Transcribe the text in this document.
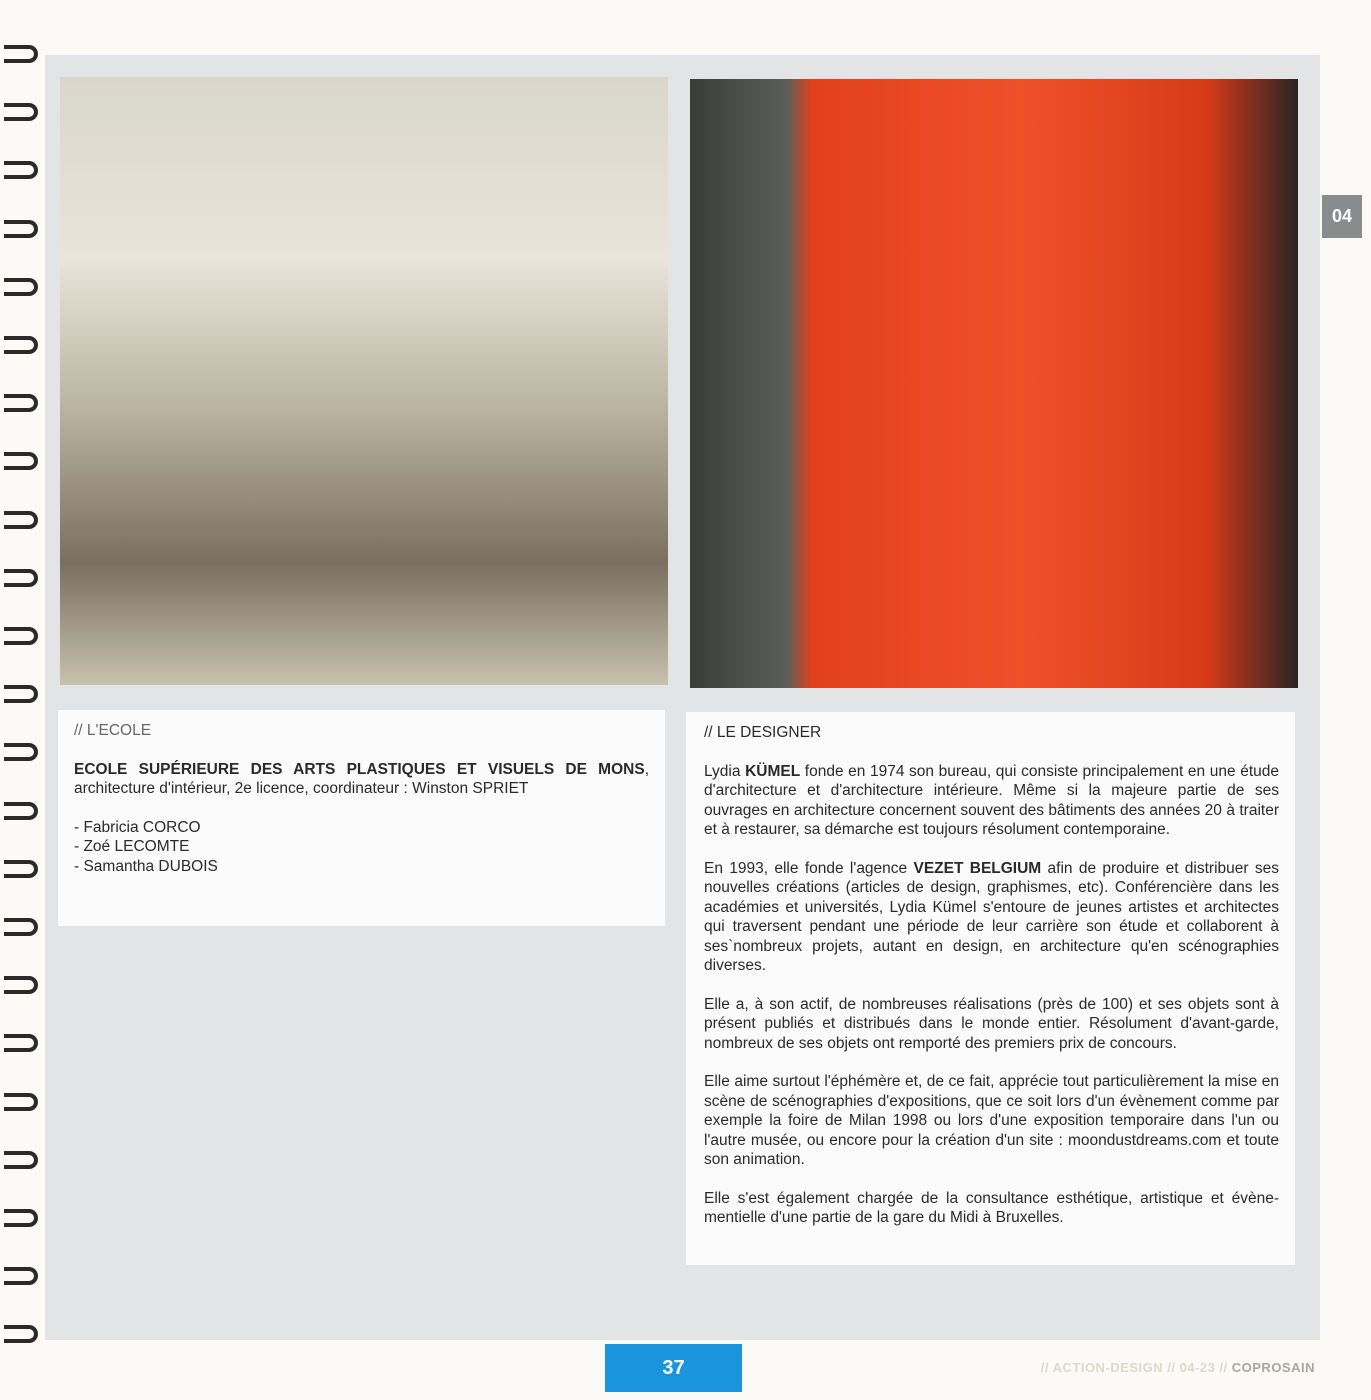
04
// L'ECOLE

ECOLE SUPÉRIEURE DES ARTS PLASTIQUES ET VISUELS DE MONS, architecture d'intérieur, 2e licence, coordinateur : Winston SPRIET

- Fabricia CORCO
- Zoé LECOMTE
- Samantha DUBOIS
// LE DESIGNER

Lydia KÜMEL fonde en 1974 son bureau, qui consiste principalement en une étude d'architecture et d'architecture intérieure. Même si la majeure partie de ses ouvrages en architecture concernent souvent des bâtiments des années 20 à traiter et à restaurer, sa démarche est toujours résolument contemporaine.

En 1993, elle fonde l'agence VEZET BELGIUM afin de produire et distribuer ses nouvelles créations (articles de design, graphismes, etc). Conférencière dans les académies et universités, Lydia Kümel s'entoure de jeunes artistes et architectes qui traversent pendant une période de leur carrière son étude et collaborent à ses`nombreux projets, autant en design, en architecture qu'en scénographies diverses.

Elle a, à son actif, de nombreuses réalisations (près de 100) et ses objets sont à présent publiés et distribués dans le monde entier. Résolument d'avant-garde, nombreux de ses objets ont remporté des premiers prix de concours.

Elle aime surtout l'éphémère et, de ce fait, apprécie tout particulièrement la mise en scène de scénographies d'expositions, que ce soit lors d'un évènement comme par exemple la foire de Milan 1998 ou lors d'une exposition temporaire dans l'un ou l'autre musée, ou encore pour la création d'un site : moondustdreams.com et toute son animation.

Elle s'est également chargée de la consultance esthétique, artistique et évène-mentielle d'une partie de la gare du Midi à Bruxelles.

37	// ACTION-DESIGN // 04-23 // COPROSAIN
